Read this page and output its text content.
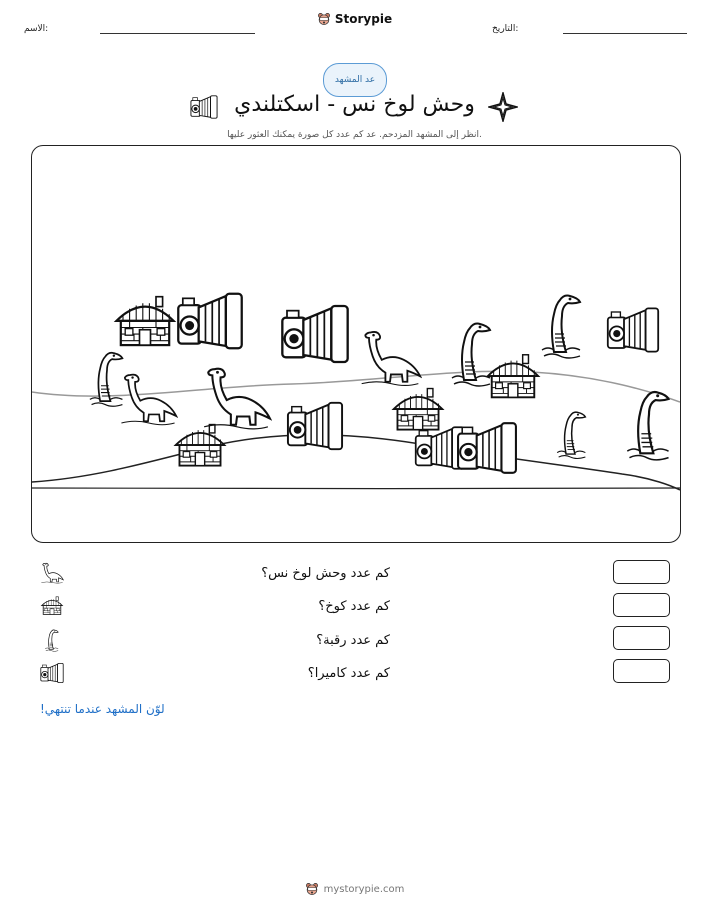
الاسم:	التاريخ:
Storypie
عد المشهد
وحش لوخ نس - اسكتلندي
انظر إلى المشهد المزدحم. عد كم عدد كل صورة يمكنك العثور عليها.
كم عدد وحش لوخ نس؟
كم عدد كوخ؟
كم عدد رقبة؟
كم عدد كاميرا؟
لوّن المشهد عندما تنتهي!
mystorypie.com
